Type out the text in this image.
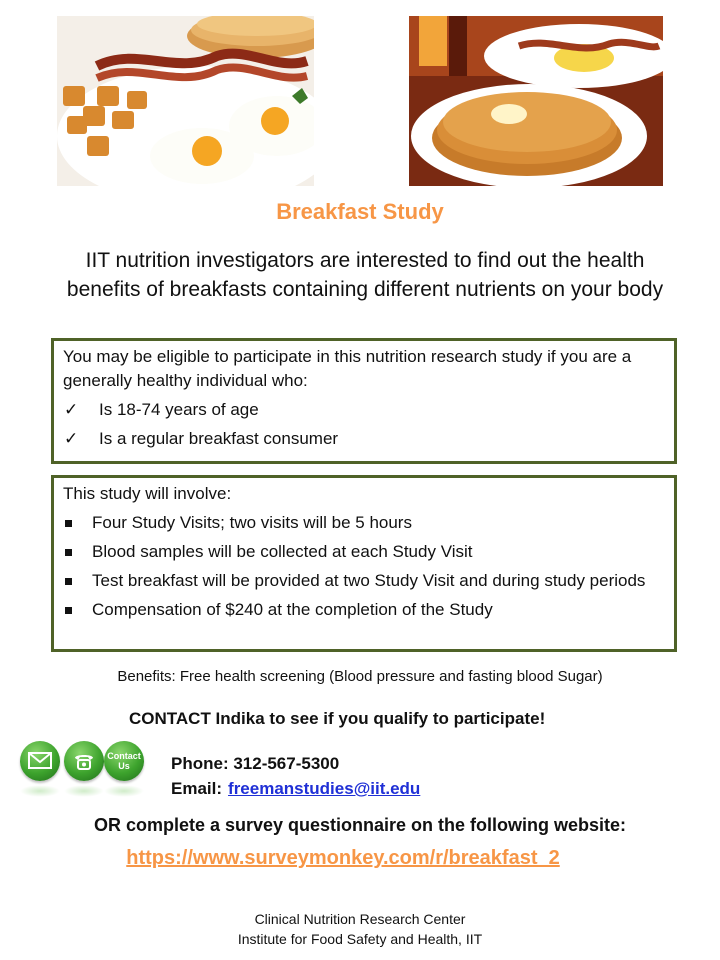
Breakfast Study
IIT nutrition investigators are interested to find out the health benefits of breakfasts containing different nutrients on your body
You may be eligible to participate in this nutrition research study if you are a generally healthy individual who:
✓ Is 18-74 years of age
✓ Is a regular breakfast consumer
This study will involve:
Four Study Visits; two visits will be 5 hours
Blood samples will be collected at each Study Visit
Test breakfast will be provided at two Study Visit and during study periods
Compensation of $240 at the completion of the Study
Benefits: Free health screening (Blood pressure and fasting blood Sugar)
CONTACT Indika to see if you qualify to participate!
Contact
Us	Phone: 312-567-5300
Email: freemanstudies@iit.edu
OR complete a survey questionnaire on the following website:
https://www.surveymonkey.com/r/breakfast_2
Clinical Nutrition Research Center
Institute for Food Safety and Health, IIT
